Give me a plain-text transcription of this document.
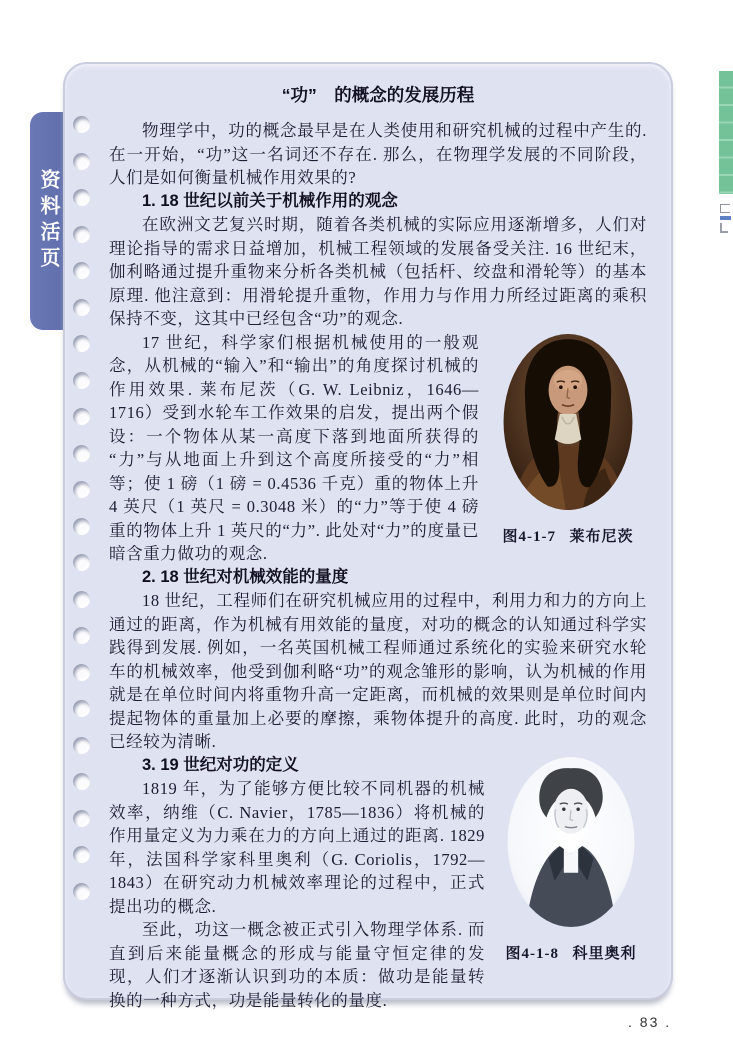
资料活页
“功”　的概念的发展历程

物理学中，功的概念最早是在人类使用和研究机械的过程中产生的. 在一开始，“功”这一名词还不存在. 那么，在物理学发展的不同阶段，人们是如何衡量机械作用效果的?

1. 18 世纪以前关于机械作用的观念

在欧洲文艺复兴时期，随着各类机械的实际应用逐渐增多，人们对理论指导的需求日益增加，机械工程领域的发展备受关注. 16 世纪末，伽利略通过提升重物来分析各类机械（包括杆、绞盘和滑轮等）的基本原理. 他注意到：用滑轮提升重物，作用力与作用力所经过距离的乘积保持不变，这其中已经包含“功”的观念.

图4-1-7 莱布尼茨

17 世纪，科学家们根据机械使用的一般观念，从机械的“输入”和“输出”的角度探讨机械的作用效果. 莱布尼茨（G. W. Leibniz，1646—1716）受到水轮车工作效果的启发，提出两个假设：一个物体从某一高度下落到地面所获得的“力”与从地面上升到这个高度所接受的“力”相等；使 1 磅（1 磅 = 0.4536 千克）重的物体上升 4 英尺（1 英尺 = 0.3048 米）的“力”等于使 4 磅重的物体上升 1 英尺的“力”. 此处对“力”的度量已暗含重力做功的观念.

2. 18 世纪对机械效能的量度

18 世纪，工程师们在研究机械应用的过程中，利用力和力的方向上通过的距离，作为机械有用效能的量度，对功的概念的认知通过科学实践得到发展. 例如，一名英国机械工程师通过系统化的实验来研究水轮车的机械效率，他受到伽利略“功”的观念雏形的影响，认为机械的作用就是在单位时间内将重物升高一定距离，而机械的效果则是单位时间内提起物体的重量加上必要的摩擦，乘物体提升的高度. 此时，功的观念已经较为清晰.

图4-1-8 科里奥利
3. 19 世纪对功的定义

1819 年，为了能够方便比较不同机器的机械效率，纳维（C. Navier，1785—1836）将机械的作用量定义为力乘在力的方向上通过的距离. 1829 年，法国科学家科里奥利（G. Coriolis，1792—1843）在研究动力机械效率理论的过程中，正式提出功的概念.

至此，功这一概念被正式引入物理学体系. 而直到后来能量概念的形成与能量守恒定律的发现，人们才逐渐认识到功的本质：做功是能量转换的一种方式，功是能量转化的量度.

. 83 .
